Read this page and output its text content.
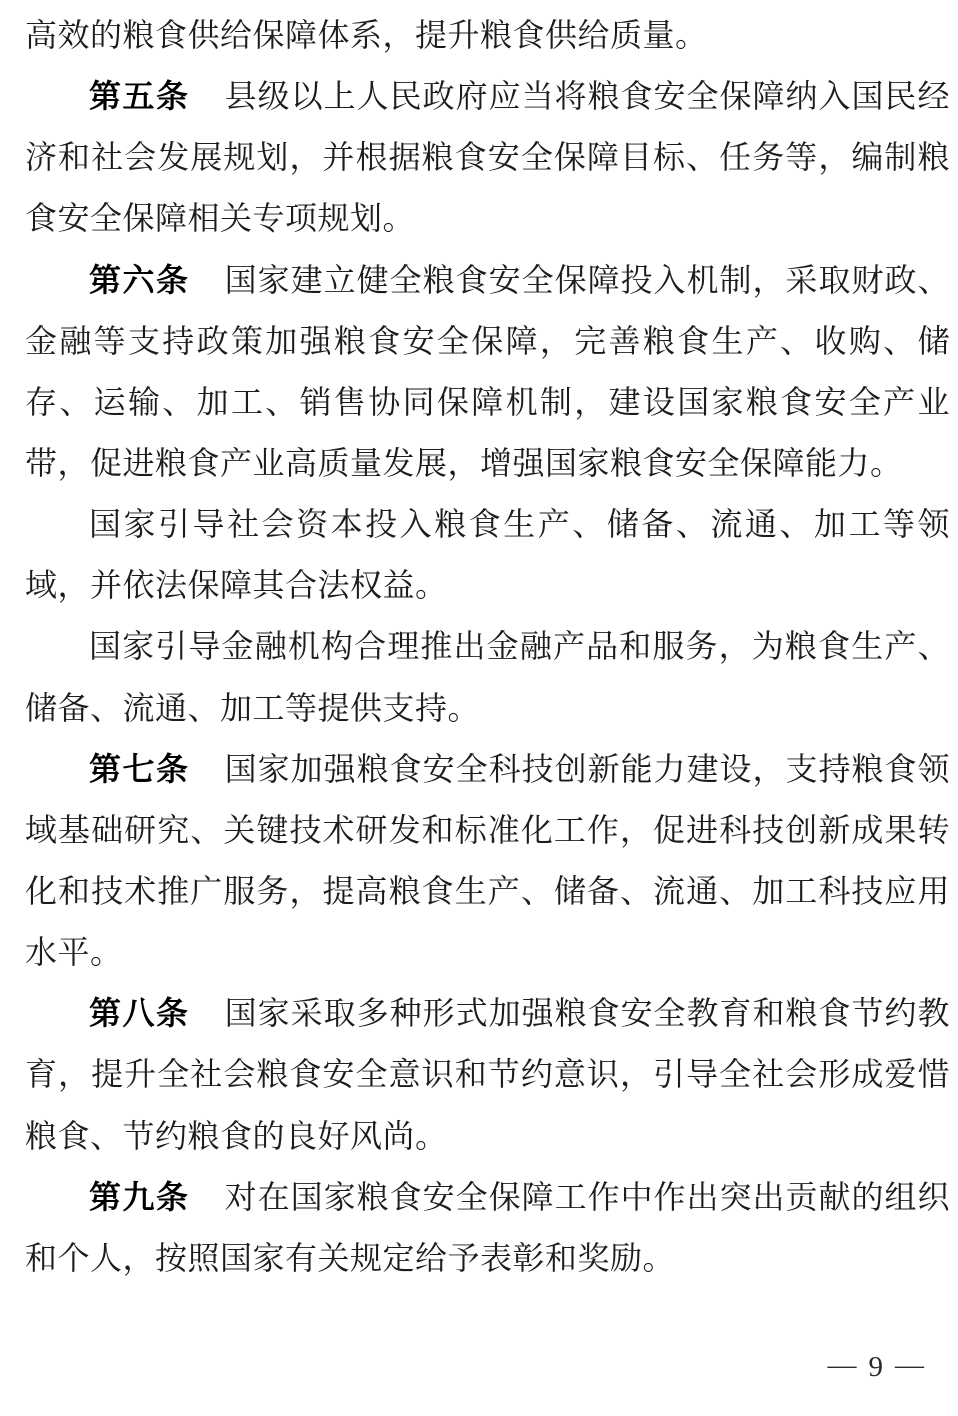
高效的粮食供给保障体系，提升粮食供给质量。
第五条 县级以上人民政府应当将粮食安全保障纳入国民经
济和社会发展规划，并根据粮食安全保障目标、任务等，编制粮
食安全保障相关专项规划。
第六条 国家建立健全粮食安全保障投入机制，采取财政、
金融等支持政策加强粮食安全保障，完善粮食生产、收购、储
存、运输、加工、销售协同保障机制，建设国家粮食安全产业
带，促进粮食产业高质量发展，增强国家粮食安全保障能力。
国家引导社会资本投入粮食生产、储备、流通、加工等领
域，并依法保障其合法权益。
国家引导金融机构合理推出金融产品和服务，为粮食生产、
储备、流通、加工等提供支持。
第七条 国家加强粮食安全科技创新能力建设，支持粮食领
域基础研究、关键技术研发和标准化工作，促进科技创新成果转
化和技术推广服务，提高粮食生产、储备、流通、加工科技应用
水平。
第八条 国家采取多种形式加强粮食安全教育和粮食节约教
育，提升全社会粮食安全意识和节约意识，引导全社会形成爱惜
粮食、节约粮食的良好风尚。
第九条 对在国家粮食安全保障工作中作出突出贡献的组织
和个人，按照国家有关规定给予表彰和奖励。
— 9 —
